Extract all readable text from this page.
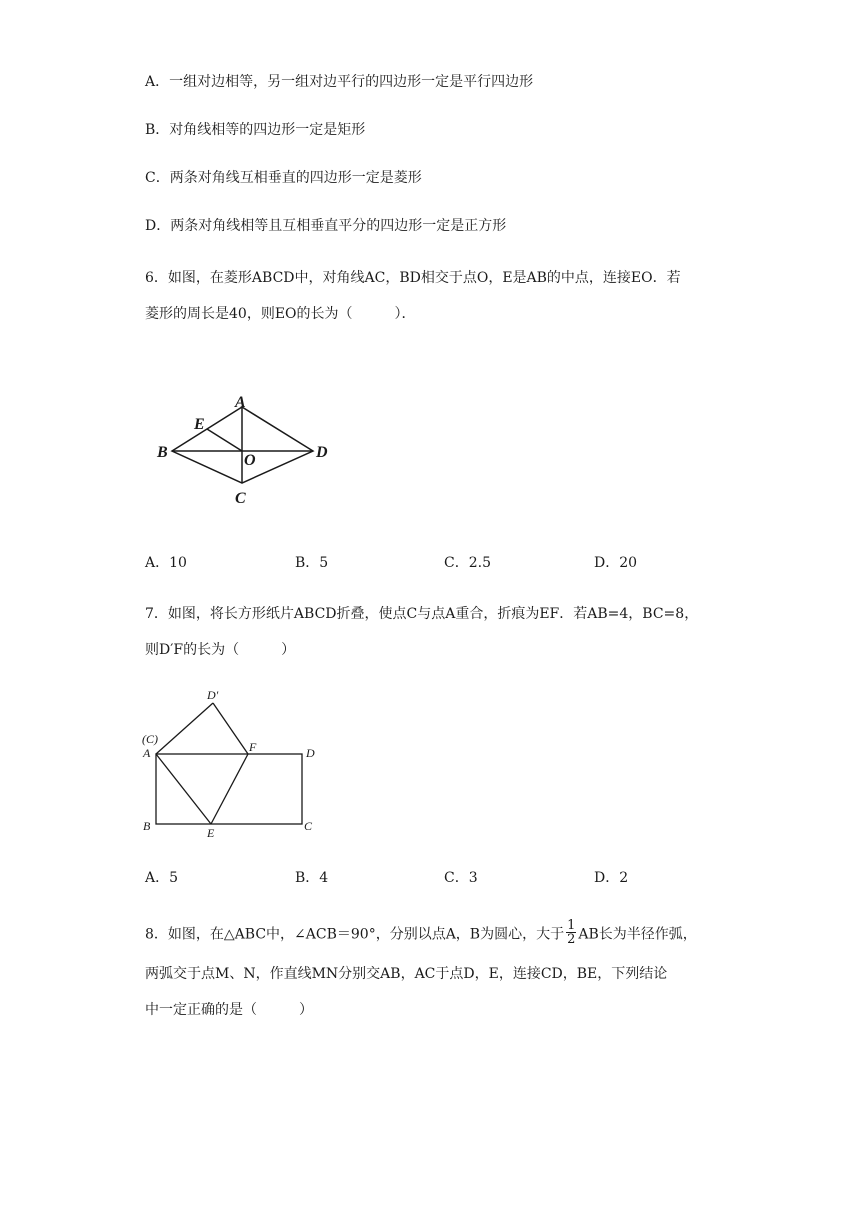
A．一组对边相等，另一组对边平行的四边形一定是平行四边形
B．对角线相等的四边形一定是矩形
C．两条对角线互相垂直的四边形一定是菱形
D．两条对角线相等且互相垂直平分的四边形一定是正方形
6．如图，在菱形ABCD中，对角线AC，BD相交于点O，E是AB的中点，连接EO．若
菱形的周长是40，则EO的长为（　　　）．
A
B
C
D
E
O
A．10	B．5	C．2.5	D．20
7．如图，将长方形纸片ABCD折叠，使点C与点A重合，折痕为EF．若AB=4，BC=8，
则D′F的长为（　　　）
D′
(C)
A	F	D
B	E	C
A．5	B．4	C．3	D．2
8．如图，在△ABC中，∠ACB＝90°，分别以点A，B为圆心，大于 $\frac{1}{2}$ AB长为半径作弧，
两弧交于点M、N，作直线MN分别交AB，AC于点D，E，连接CD，BE，下列结论
中一定正确的是（　　　）
